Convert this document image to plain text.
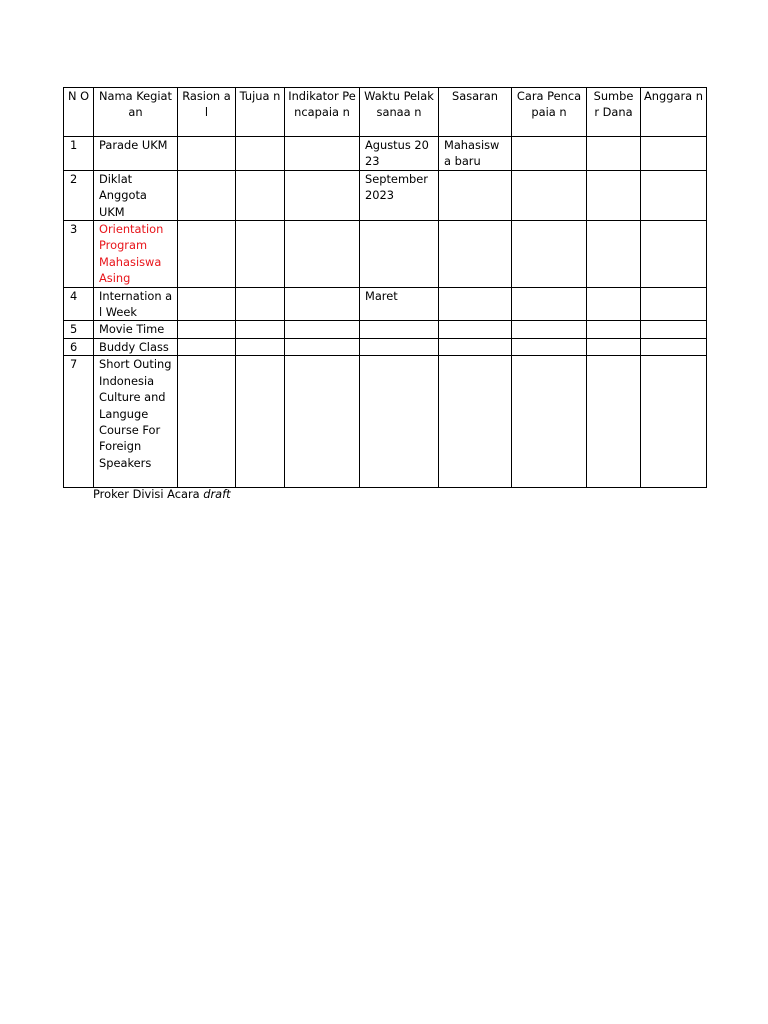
N O	Nama Kegiatan	Rasion al	Tujua n	Indikator Pencapaia n	Waktu Pelaksanaa n	Sasaran	Cara Pencapaia n	Sumbe r Dana	Anggara n
1	Parade UKM				Agustus 2023	Mahasisw a baru			
2	Diklat Anggota UKM				September 2023				
3	Orientation Program Mahasiswa Asing								
4	Internation al Week				Maret				
5	Movie Time								
6	Buddy Class								
7	Short Outing Indonesia Culture and Languge Course For Foreign Speakers								
Proker Divisi Acara draft
